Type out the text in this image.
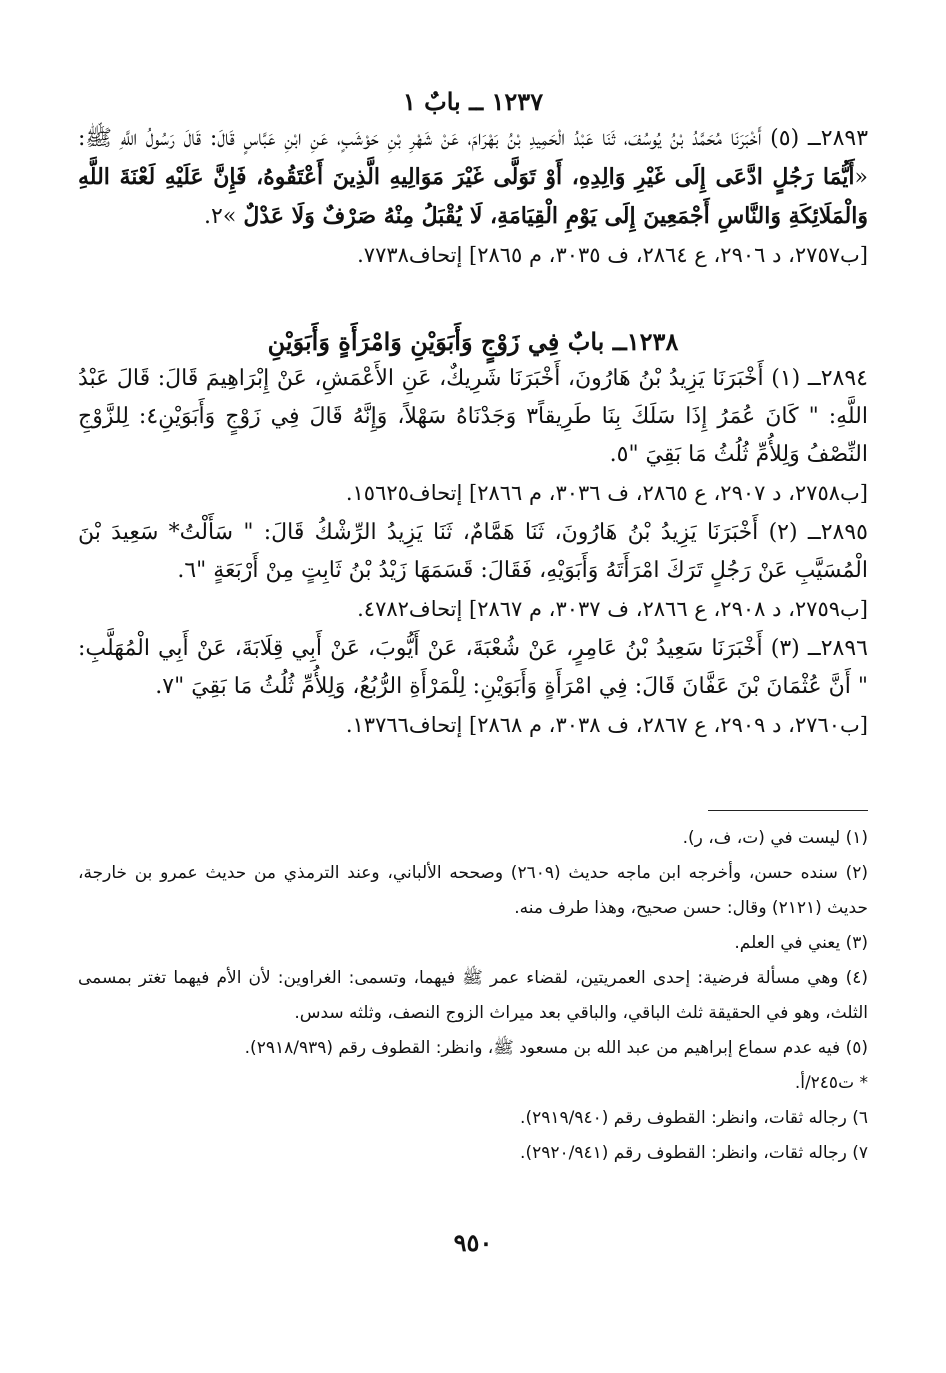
١٢٣٧ ــ بابٌ ١

٢٨٩٣ــ (٥) أَخْبَرَنَا مُحَمَّدُ بْنُ يُوسُفَ، ثَنَا عَبْدُ الْحَمِيدِ بْنُ بَهْرَامَ، عَنْ شَهْرِ بْنِ حَوْشَبٍ، عَنِ ابْنِ عَبَّاسٍ قَالَ: قَالَ رَسُولُ اللَّهِ ﷺ: «أَيُّمَا رَجُلٍ ادَّعَى إِلَى غَيْرِ وَالِدِهِ، أَوْ تَوَلَّى غَيْرَ مَوَالِيهِ الَّذِينَ أَعْتَقُوهُ، فَإِنَّ عَلَيْهِ لَعْنَةَ اللَّهِ وَالْمَلَائِكَةِ وَالنَّاسِ أَجْمَعِينَ إِلَى يَوْمِ الْقِيَامَةِ، لَا يُقْبَلُ مِنْهُ صَرْفٌ وَلَا عَدْلٌ »٢.

[ب٢٧٥٧، د ٢٩٠٦، ع ٢٨٦٤، ف ٣٠٣٥، م ٢٨٦٥] إتحاف٧٧٣٨.

١٢٣٨ــ بابٌ فِي زَوْجٍ وَأَبَوَيْنِ وَامْرَأَةٍ وَأَبَوَيْنِ

٢٨٩٤ــ (١) أَخْبَرَنَا يَزِيدُ بْنُ هَارُونَ، أَخْبَرَنَا شَرِيكٌ، عَنِ الأَعْمَشِ، عَنْ إِبْرَاهِيمَ قَالَ: قَالَ عَبْدُ اللَّهِ: " كَانَ عُمَرُ إِذَا سَلَكَ بِنَا طَرِيقاً٣ وَجَدْنَاهُ سَهْلاً، وَإِنَّهُ قَالَ فِي زَوْجٍ وَأَبَوَيْنِ٤: لِلزَّوْجِ النِّصْفُ وَلِلأُمِّ ثُلُثُ مَا بَقِيَ "٥.

[ب٢٧٥٨، د ٢٩٠٧، ع ٢٨٦٥، ف ٣٠٣٦، م ٢٨٦٦] إتحاف١٥٦٢٥.

٢٨٩٥ــ (٢) أَخْبَرَنَا يَزِيدُ بْنُ هَارُونَ، ثَنَا هَمَّامٌ، ثَنَا يَزِيدُ الرِّشْكُ قَالَ: " سَأَلْتُ* سَعِيدَ بْنَ الْمُسَيَّبِ عَنْ رَجُلٍ تَرَكَ امْرَأَتَهُ وَأَبَوَيْهِ، فَقَالَ: قَسَمَهَا زَيْدُ بْنُ ثَابِتٍ مِنْ أَرْبَعَةٍ "٦.

[ب٢٧٥٩، د ٢٩٠٨، ع ٢٨٦٦، ف ٣٠٣٧، م ٢٨٦٧] إتحاف٤٧٨٢.

٢٨٩٦ــ (٣) أَخْبَرَنَا سَعِيدُ بْنُ عَامِرٍ، عَنْ شُعْبَةَ، عَنْ أَيُّوبَ، عَنْ أَبِي قِلَابَةَ، عَنْ أَبِي الْمُهَلَّبِ: " أَنَّ عُثْمَانَ بْنَ عَفَّانَ قَالَ: فِي امْرَأَةٍ وَأَبَوَيْنِ: لِلْمَرْأَةِ الرُّبُعُ، وَلِلأُمِّ ثُلُثُ مَا بَقِيَ "٧.

[ب٢٧٦٠، د ٢٩٠٩، ع ٢٨٦٧، ف ٣٠٣٨، م ٢٨٦٨] إتحاف١٣٧٦٦.

(١) ليست في (ت، ف، ر).

(٢) سنده حسن، وأخرجه ابن ماجه حديث (٢٦٠٩) وصححه الألباني، وعند الترمذي من حديث عمرو بن خارجة، حديث (٢١٢١) وقال: حسن صحيح، وهذا طرف منه.

(٣) يعني في العلم.

(٤) وهي مسألة فرضية: إحدى العمريتين، لقضاء عمر ﷺ فيهما، وتسمى: الغراوين: لأن الأم فيهما تغتر بمسمى الثلث، وهو في الحقيقة ثلث الباقي، والباقي بعد ميراث الزوج النصف، وثلثه سدس.

(٥) فيه عدم سماع إبراهيم من عبد الله بن مسعود ﷺ، وانظر: القطوف رقم (٢٩١٨/٩٣٩).

* ت٢٤٥/أ.

٦) رجاله ثقات، وانظر: القطوف رقم (٢٩١٩/٩٤٠).

٧) رجاله ثقات، وانظر: القطوف رقم (٢٩٢٠/٩٤١).

٩٥٠
